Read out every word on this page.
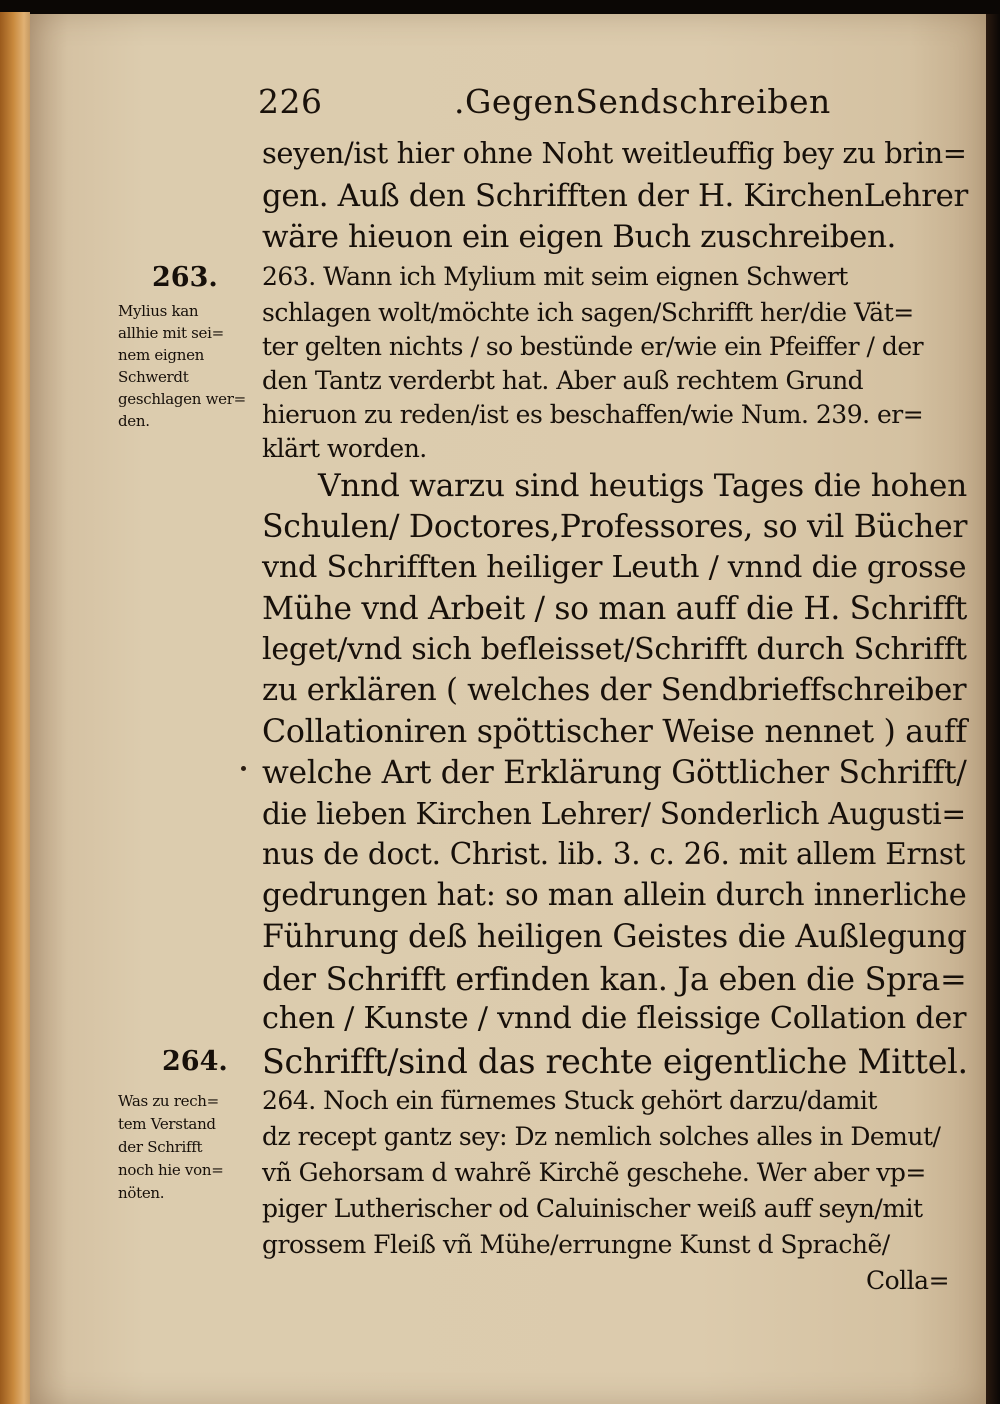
226	.GegenSendschreiben
seyen/ist hier ohne Noht weitleuffig bey zu brin=
gen. Auß den Schrifften der H. KirchenLehrer
wäre hieuon ein eigen Buch zuschreiben.
263. Wann ich Mylium mit seim eignen Schwert
schlagen wolt/möchte ich sagen/Schrifft her/die Vät=
ter gelten nichts / so bestünde er/wie ein Pfeiffer / der
den Tantz verderbt hat. Aber auß rechtem Grund
hieruon zu reden/ist es beschaffen/wie Num. 239. er=
klärt worden.
Vnnd warzu sind heutigs Tages die hohen
Schulen/ Doctores,Professores, so vil Bücher
vnd Schrifften heiliger Leuth / vnnd die grosse
Mühe vnd Arbeit / so man auff die H. Schrifft
leget/vnd sich befleisset/Schrifft durch Schrifft
zu erklären ( welches der Sendbrieffschreiber
Collationiren spöttischer Weise nennet ) auff
welche Art der Erklärung Göttlicher Schrifft/
die lieben Kirchen Lehrer/ Sonderlich Augusti=
nus de doct. Christ. lib. 3. c. 26. mit allem Ernst
gedrungen hat: so man allein durch innerliche
Führung deß heiligen Geistes die Außlegung
der Schrifft erfinden kan. Ja eben die Spra=
chen / Kunste / vnnd die fleissige Collation der
Schrifft/sind das rechte eigentliche Mittel.
264. Noch ein fürnemes Stuck gehört darzu/damit
dz recept gantz sey: Dz nemlich solches alles in Demut/
vñ Gehorsam d wahrẽ Kirchẽ geschehe. Wer aber vp=
piger Lutherischer od Caluinischer weiß auff seyn/mit
grossem Fleiß vñ Mühe/errungne Kunst d Sprachẽ/
Colla=
263.
Mylius kan
allhie mit sei=
nem eignen
Schwerdt
geschlagen wer=
den.
264.
Was zu rech=
tem Verstand
der Schrifft
noch hie von=
nöten.
